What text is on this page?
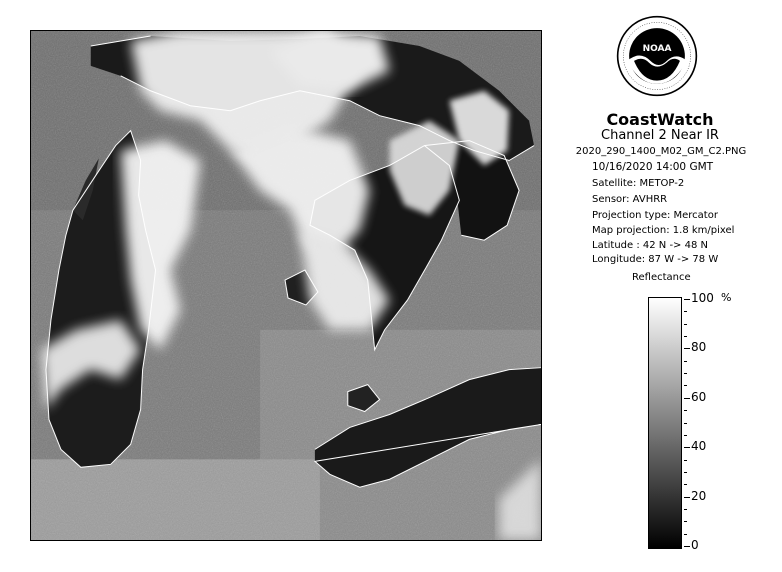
NOAA
CoastWatch
Channel 2 Near IR
2020_290_1400_M02_GM_C2.PNG
10/16/2020 14:00 GMT
Satellite: METOP-2
Sensor: AVHRR
Projection type: Mercator
Map projection: 1.8 km/pixel
Latitude : 42 N -> 48 N
Longitude: 87 W -> 78 W
Reflectance
%
100
80
60
40
20
0
